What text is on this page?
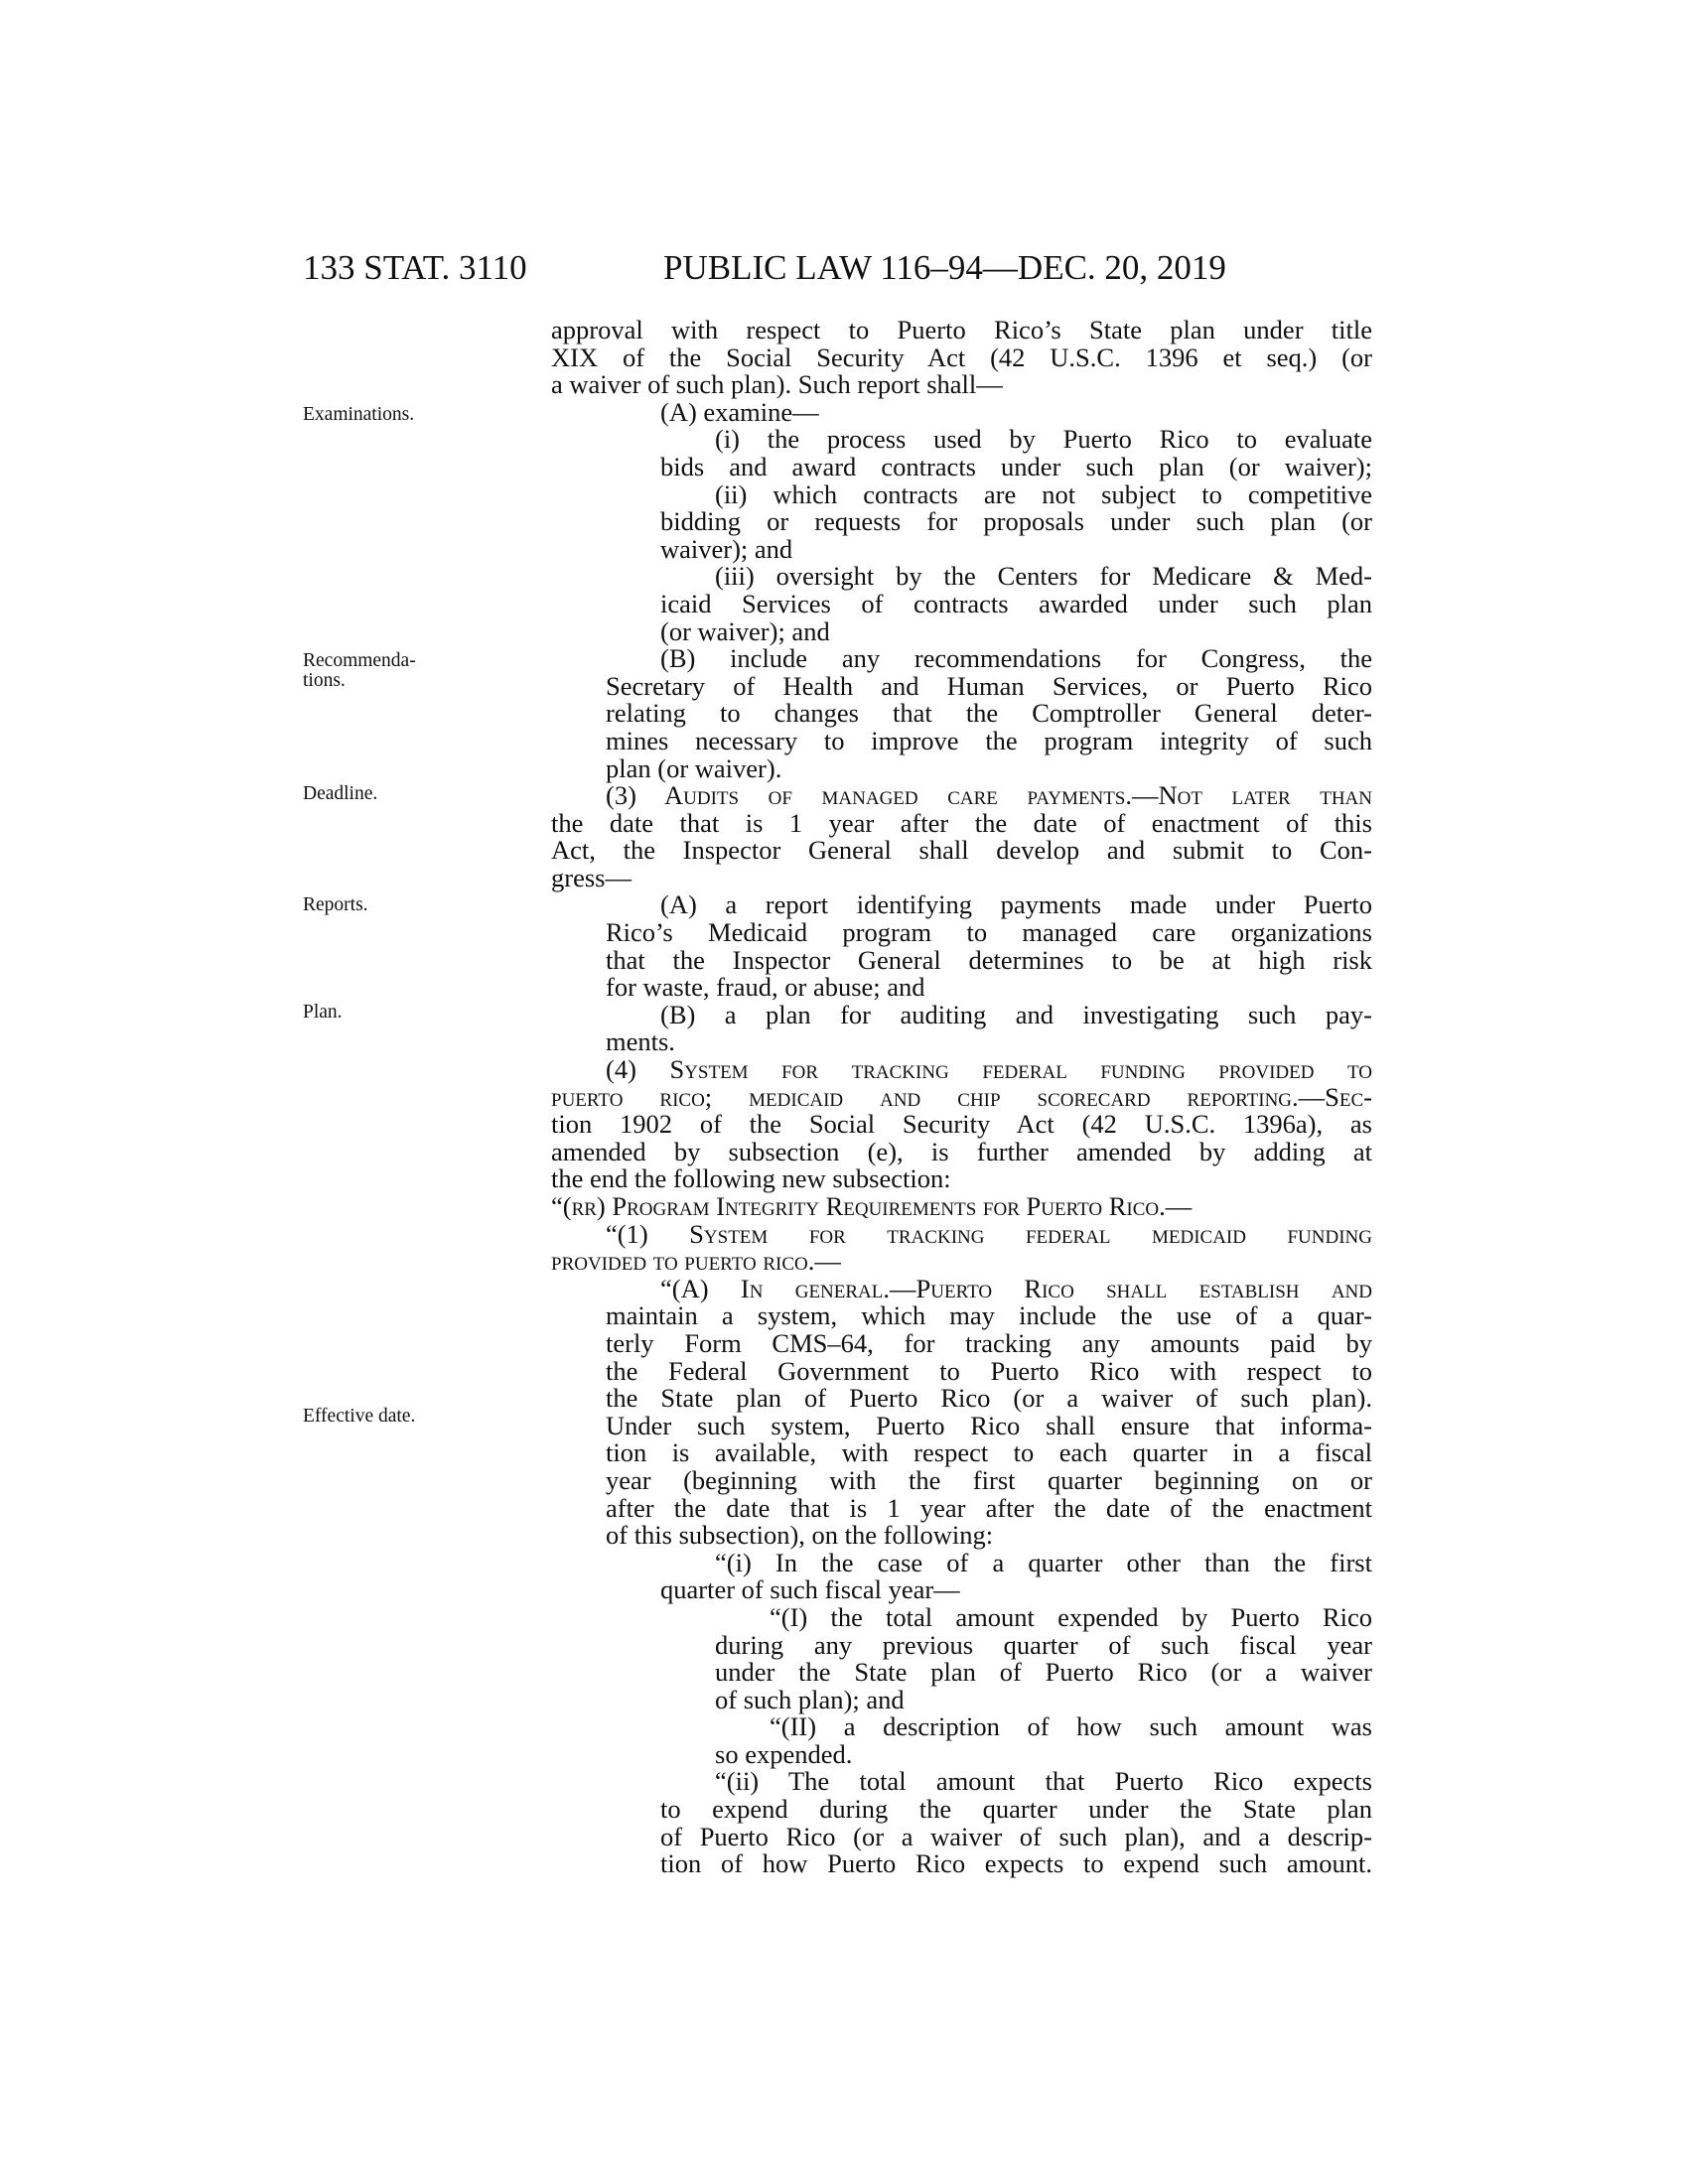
133 STAT. 3110	PUBLIC LAW 116–94—DEC. 20, 2019
Examinations.
Recommenda-
tions.
Deadline.
Reports.
Plan.
Effective date.
approval with respect to Puerto Rico’s State plan under title
XIX of the Social Security Act (42 U.S.C. 1396 et seq.) (or
a waiver of such plan). Such report shall—
(A) examine—
(i) the process used by Puerto Rico to evaluate
bids and award contracts under such plan (or waiver);
(ii) which contracts are not subject to competitive
bidding or requests for proposals under such plan (or
waiver); and
(iii) oversight by the Centers for Medicare & Med-
icaid Services of contracts awarded under such plan
(or waiver); and
(B) include any recommendations for Congress, the
Secretary of Health and Human Services, or Puerto Rico
relating to changes that the Comptroller General deter-
mines necessary to improve the program integrity of such
plan (or waiver).
(3) Audits of managed care payments.—Not later than
the date that is 1 year after the date of enactment of this
Act, the Inspector General shall develop and submit to Con-
gress—
(A) a report identifying payments made under Puerto
Rico’s Medicaid program to managed care organizations
that the Inspector General determines to be at high risk
for waste, fraud, or abuse; and
(B) a plan for auditing and investigating such pay-
ments.
(4) System for tracking federal funding provided to
puerto rico; medicaid and chip scorecard reporting.—Sec-
tion 1902 of the Social Security Act (42 U.S.C. 1396a), as
amended by subsection (e), is further amended by adding at
the end the following new subsection:
“(rr) Program Integrity Requirements for Puerto Rico.—
“(1) System for tracking federal medicaid funding
provided to puerto rico.—
“(A) In general.—Puerto Rico shall establish and
maintain a system, which may include the use of a quar-
terly Form CMS–64, for tracking any amounts paid by
the Federal Government to Puerto Rico with respect to
the State plan of Puerto Rico (or a waiver of such plan).
Under such system, Puerto Rico shall ensure that informa-
tion is available, with respect to each quarter in a fiscal
year (beginning with the first quarter beginning on or
after the date that is 1 year after the date of the enactment
of this subsection), on the following:
“(i) In the case of a quarter other than the first
quarter of such fiscal year—
“(I) the total amount expended by Puerto Rico
during any previous quarter of such fiscal year
under the State plan of Puerto Rico (or a waiver
of such plan); and
“(II) a description of how such amount was
so expended.
“(ii) The total amount that Puerto Rico expects
to expend during the quarter under the State plan
of Puerto Rico (or a waiver of such plan), and a descrip-
tion of how Puerto Rico expects to expend such amount.
